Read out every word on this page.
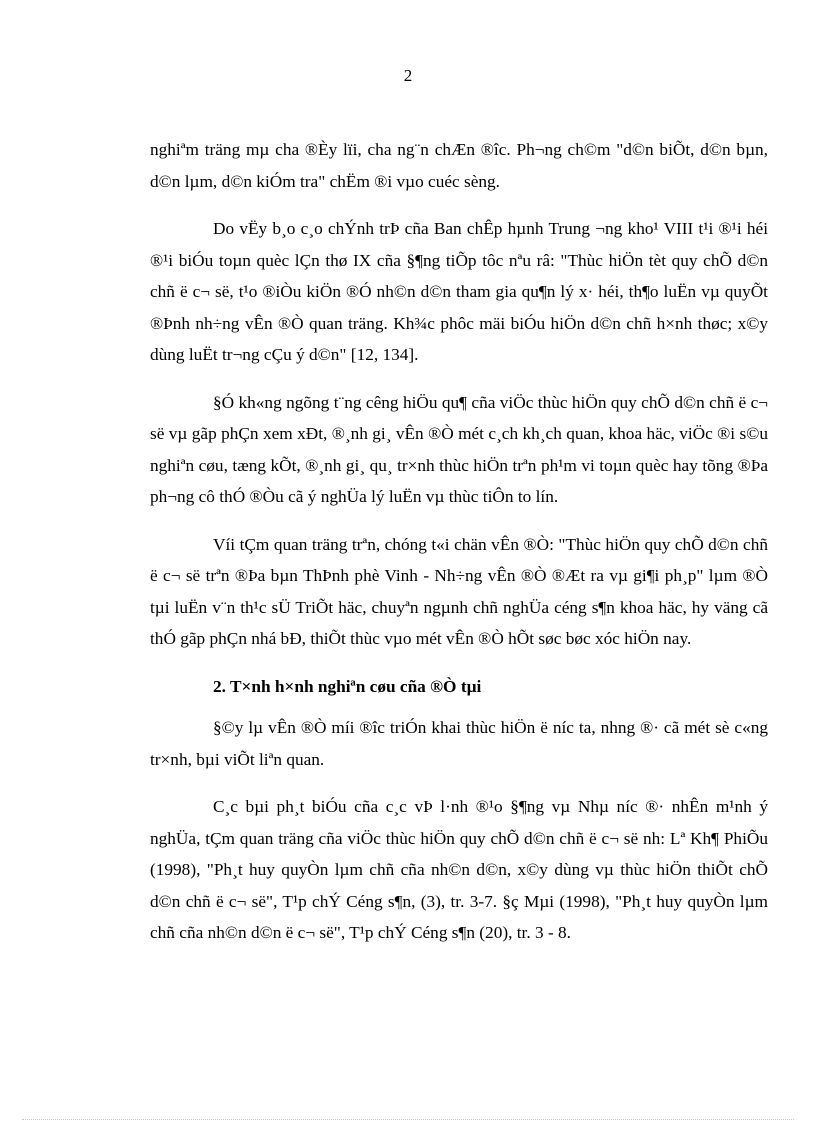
2

nghiªm träng mµ cha ®Èy lïi, cha ng¨n chÆn ®îc. Ph¬ng ch©m "d©n biÕt, d©n bµn, d©n lµm, d©n kiÓm tra" chËm ®i vµo cuéc sèng.

Do vËy b¸o c¸o chÝnh trÞ cña Ban chÊp hµnh Trung ¬ng kho¹ VIII t¹i ®¹i héi ®¹i biÓu toµn quèc lÇn thø IX cña §¶ng tiÕp tôc nªu râ: "Thùc hiÖn tèt quy chÕ d©n chñ ë c¬ së, t¹o ®iÒu kiÖn ®Ó nh©n d©n tham gia qu¶n lý x· héi, th¶o luËn vµ quyÕt ®Þnh nh÷ng vÊn ®Ò quan träng. Kh¾c phôc mäi biÓu hiÖn d©n chñ h×nh thøc; x©y dùng luËt tr¬ng cÇu ý d©n" [12, 134].

§Ó kh«ng ngõng t¨ng cêng hiÖu qu¶ cña viÖc thùc hiÖn quy chÕ d©n chñ ë c¬ së vµ gãp phÇn xem xÐt, ®¸nh gi¸ vÊn ®Ò mét c¸ch kh¸ch quan, khoa häc, viÖc ®i s©u nghiªn cøu, tæng kÕt, ®¸nh gi¸ qu¸ tr×nh thùc hiÖn trªn ph¹m vi toµn quèc hay tõng ®Þa ph¬ng cô thÓ ®Òu cã ý nghÜa lý luËn vµ thùc tiÔn to lín.

Víi tÇm quan träng trªn, chóng t«i chän vÊn ®Ò: "Thùc hiÖn quy chÕ d©n chñ ë c¬ së trªn ®Þa bµn ThÞnh phè Vinh - Nh÷ng vÊn ®Ò ®Æt ra vµ gi¶i ph¸p" lµm ®Ò tµi luËn v¨n th¹c sÜ TriÕt häc, chuyªn ngµnh chñ nghÜa céng s¶n khoa häc, hy väng cã thÓ gãp phÇn nhá bÐ, thiÕt thùc vµo mét vÊn ®Ò hÕt søc bøc xóc hiÖn nay.

2. T×nh h×nh nghiªn cøu cña ®Ò tµi

§©y lµ vÊn ®Ò míi ®îc triÓn khai thùc hiÖn ë níc ta, nhng ®· cã mét sè c«ng tr×nh, bµi viÕt liªn quan.

C¸c bµi ph¸t biÓu cña c¸c vÞ l·nh ®¹o §¶ng vµ Nhµ níc ®· nhÊn m¹nh ý nghÜa, tÇm quan träng cña viÖc thùc hiÖn quy chÕ d©n chñ ë c¬ së nh: Lª Kh¶ PhiÕu (1998), "Ph¸t huy quyÒn lµm chñ cña nh©n d©n, x©y dùng vµ thùc hiÖn thiÕt chÕ d©n chñ ë c¬ së", T¹p chÝ Céng s¶n, (3), tr. 3-7. §ç Mµi (1998), "Ph¸t huy quyÒn lµm chñ cña nh©n d©n ë c¬ së", T¹p chÝ Céng s¶n (20), tr. 3 - 8.
